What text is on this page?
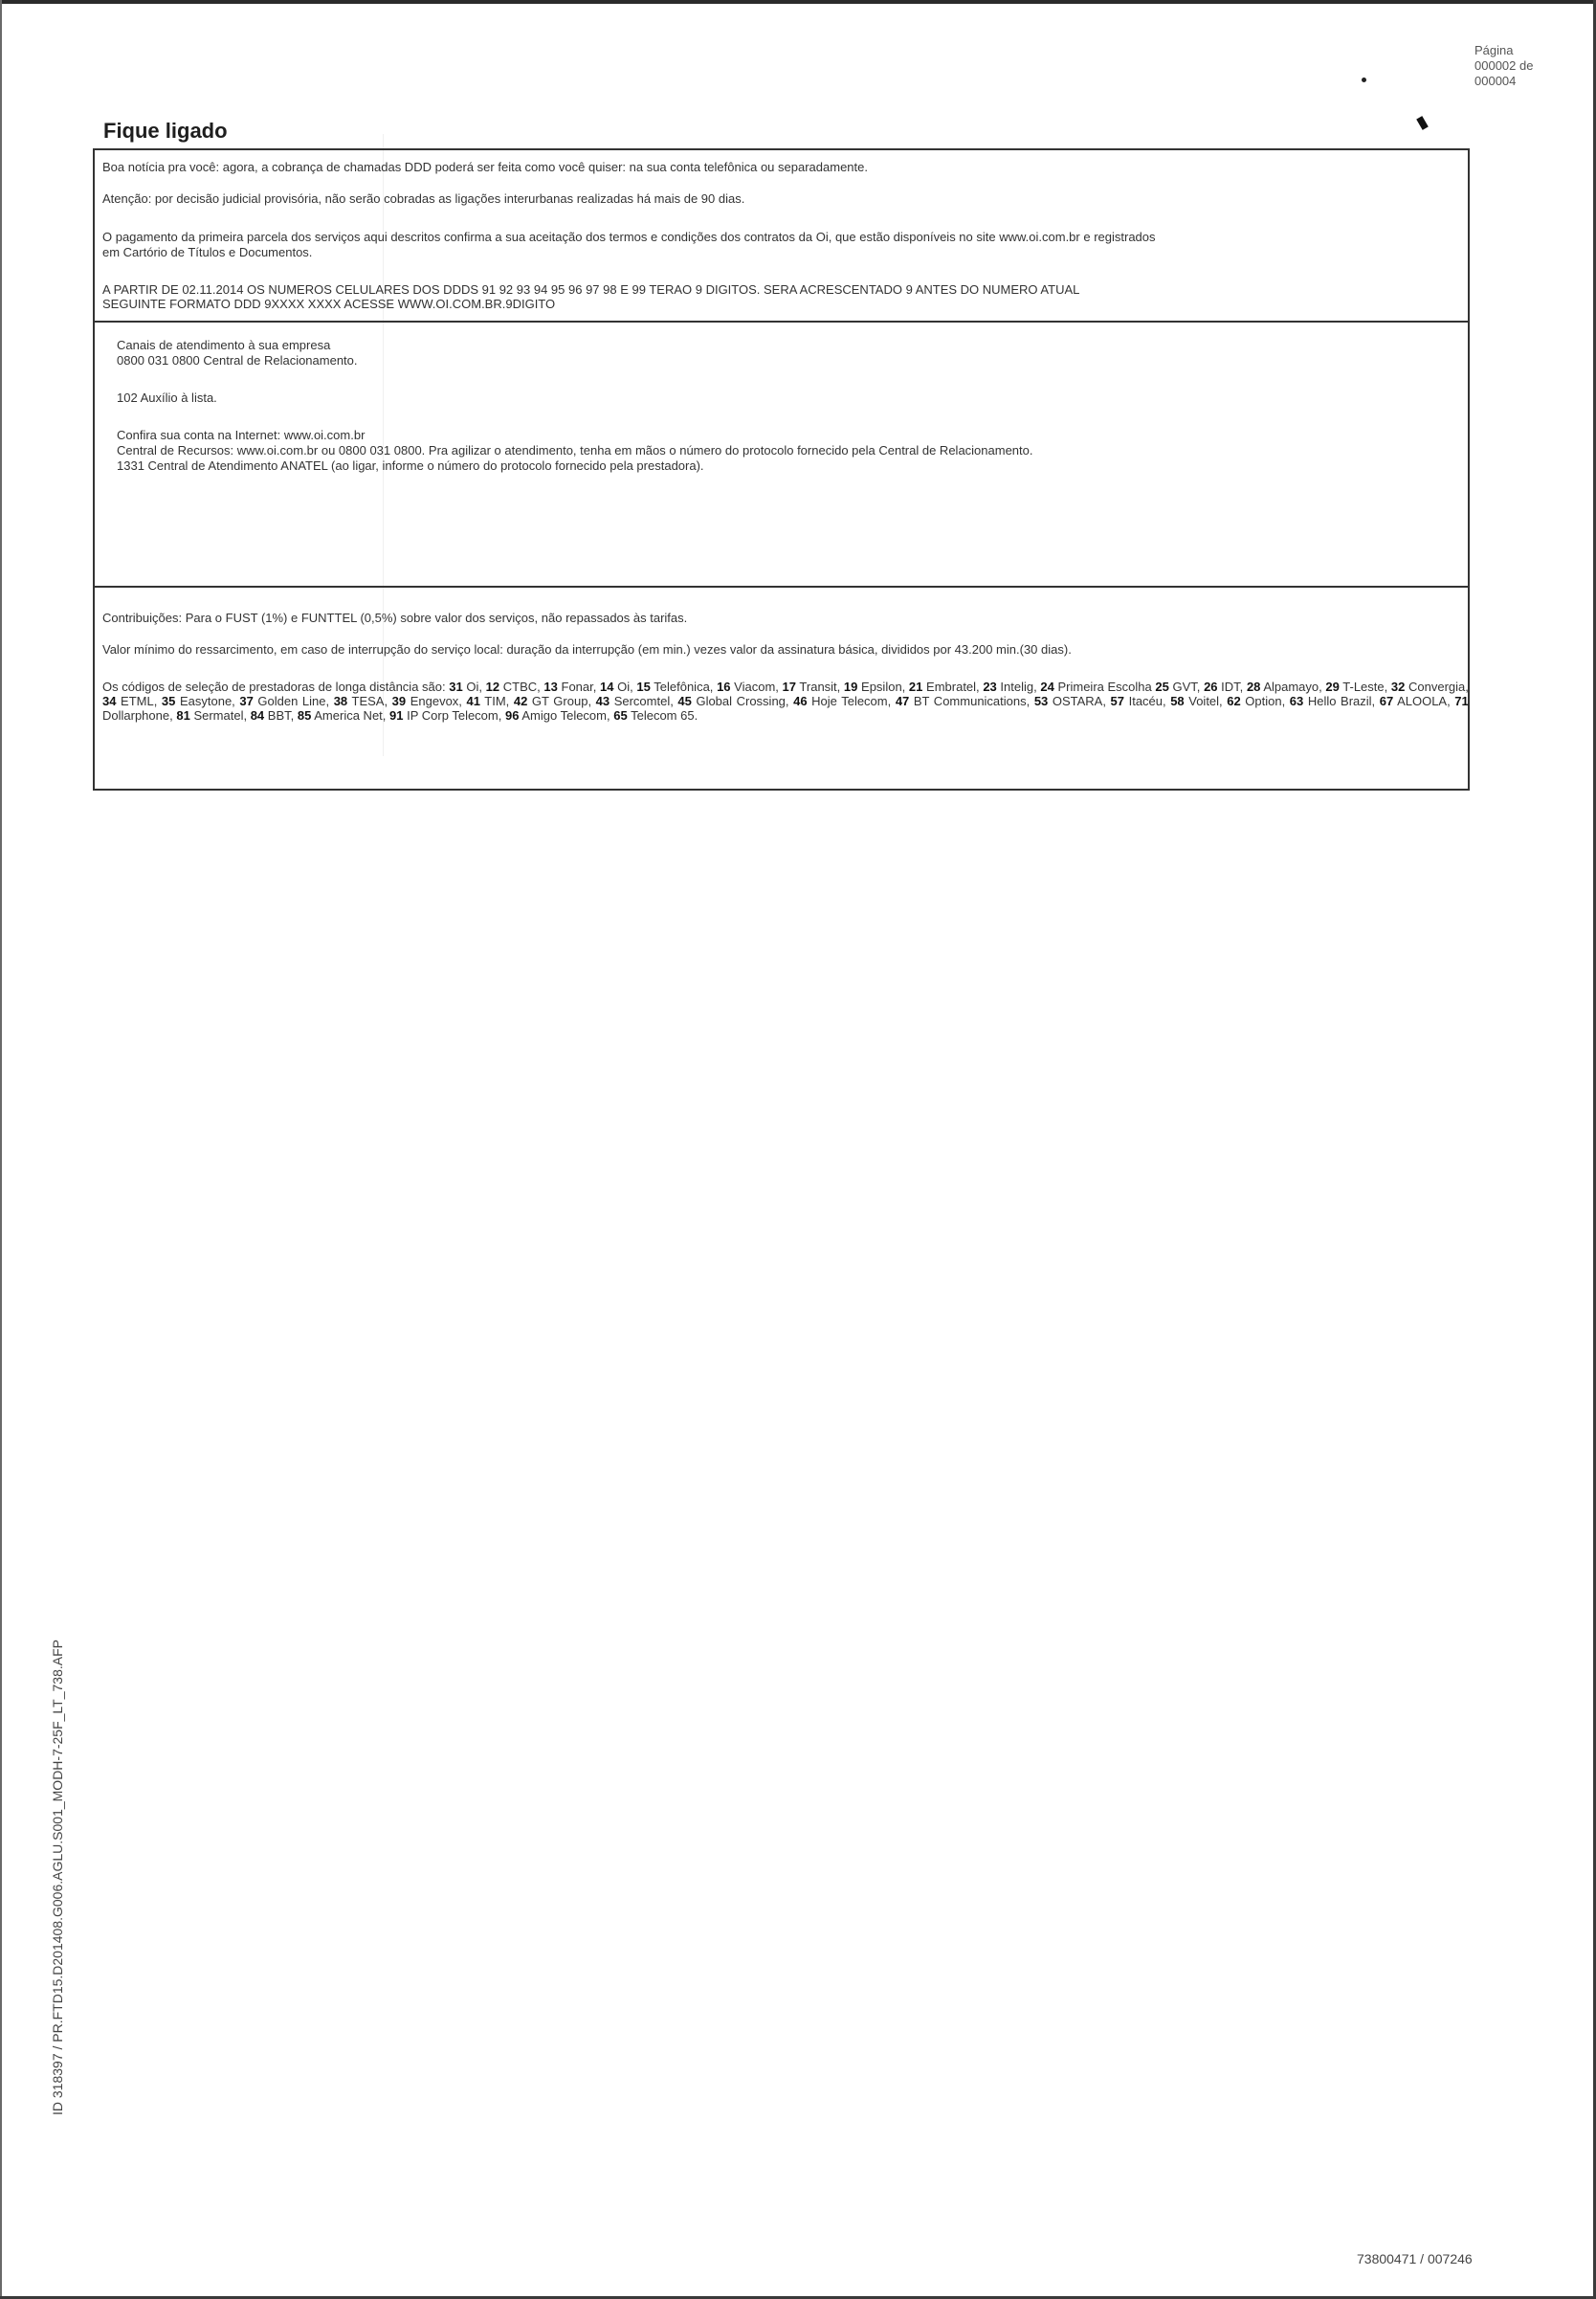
Página
000002 de
000004
Fique ligado
Boa notícia pra você: agora, a cobrança de chamadas DDD poderá ser feita como você quiser: na sua conta telefônica ou separadamente.
Atenção: por decisão judicial provisória, não serão cobradas as ligações interurbanas realizadas há mais de 90 dias.
O pagamento da primeira parcela dos serviços aqui descritos confirma a sua aceitação dos termos e condições dos contratos da Oi, que estão disponíveis no site www.oi.com.br e registrados
em Cartório de Títulos e Documentos.
A PARTIR DE 02.11.2014 OS NUMEROS CELULARES DOS DDDS 91 92 93 94 95 96 97 98 E 99 TERAO 9 DIGITOS. SERA ACRESCENTADO 9 ANTES DO NUMERO ATUAL
SEGUINTE FORMATO DDD 9XXXX XXXX ACESSE WWW.OI.COM.BR.9DIGITO
Canais de atendimento à sua empresa
0800 031 0800 Central de Relacionamento.
102 Auxílio à lista.
Confira sua conta na Internet: www.oi.com.br
Central de Recursos: www.oi.com.br ou 0800 031 0800. Pra agilizar o atendimento, tenha em mãos o número do protocolo fornecido pela Central de Relacionamento.
1331 Central de Atendimento ANATEL (ao ligar, informe o número do protocolo fornecido pela prestadora).
Contribuições: Para o FUST (1%) e FUNTTEL (0,5%) sobre valor dos serviços, não repassados às tarifas.
Valor mínimo do ressarcimento, em caso de interrupção do serviço local: duração da interrupção (em min.) vezes valor da assinatura básica, divididos por 43.200 min.(30 dias).
Os códigos de seleção de prestadoras de longa distância são: 31 Oi, 12 CTBC, 13 Fonar, 14 Oi, 15 Telefônica, 16 Viacom, 17 Transit, 19 Epsilon, 21 Embratel, 23 Intelig, 24 Primeira Escolha 25 GVT, 26 IDT, 28 Alpamayo, 29 T-Leste, 32 Convergia, 34 ETML, 35 Easytone, 37 Golden Line, 38 TESA, 39 Engevox, 41 TIM, 42 GT Group, 43 Sercomtel, 45 Global Crossing, 46 Hoje Telecom, 47 BT Communications, 53 OSTARA, 57 Itacéu, 58 Voitel, 62 Option, 63 Hello Brazil, 67 ALOOLA, 71 Dollarphone, 81 Sermatel, 84 BBT, 85 America Net, 91 IP Corp Telecom, 96 Amigo Telecom, 65 Telecom 65.
ID 318397 / PR.FTD15.D201408.G006.AGLU.S001_MODH-7-25F_LT_738.AFP
73800471 / 007246
